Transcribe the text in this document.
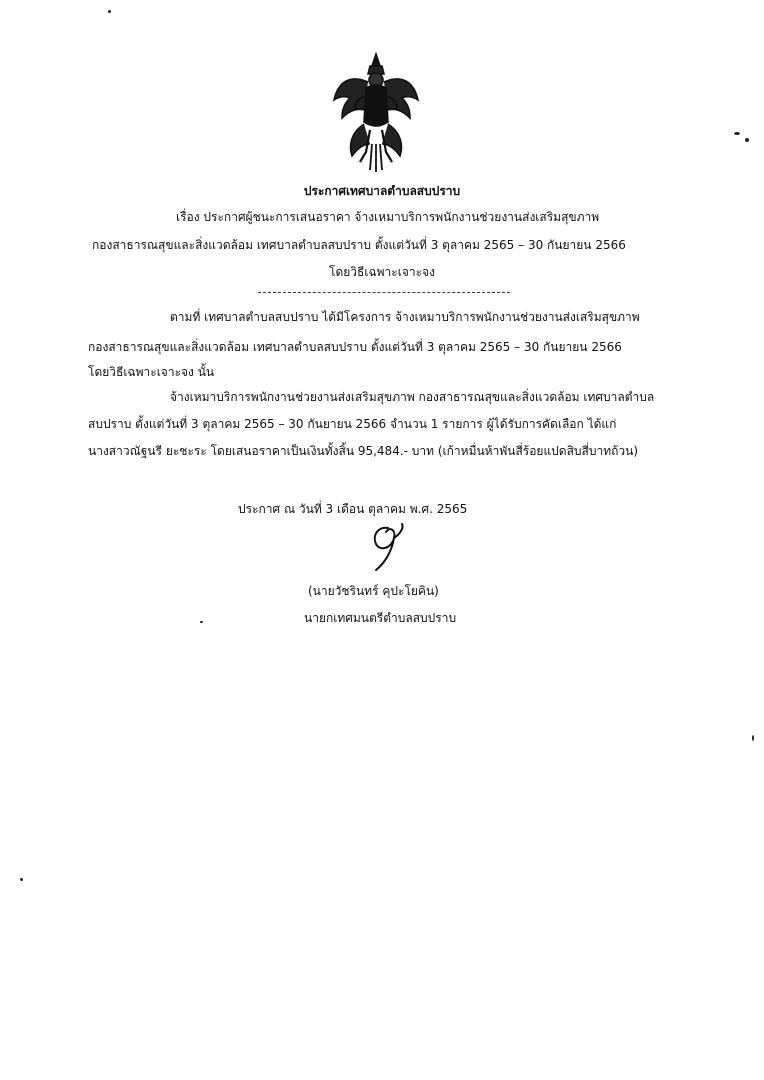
ประกาศเทศบาลตำบลสบปราบ
เรื่อง ประกาศผู้ชนะการเสนอราคา จ้างเหมาบริการพนักงานช่วยงานส่งเสริมสุขภาพ
กองสาธารณสุขและสิ่งแวดล้อม เทศบาลตำบลสบปราบ ตั้งแต่วันที่ 3 ตุลาคม 2565 – 30 กันยายน 2566
โดยวิธีเฉพาะเจาะจง
ตามที่ เทศบาลตำบลสบปราบ ได้มีโครงการ จ้างเหมาบริการพนักงานช่วยงานส่งเสริมสุขภาพ
กองสาธารณสุขและสิ่งแวดล้อม เทศบาลตำบลสบปราบ ตั้งแต่วันที่ 3 ตุลาคม 2565 – 30 กันยายน 2566
โดยวิธีเฉพาะเจาะจง นั้น
จ้างเหมาบริการพนักงานช่วยงานส่งเสริมสุขภาพ กองสาธารณสุขและสิ่งแวดล้อม เทศบาลตำบล
สบปราบ ตั้งแต่วันที่ 3 ตุลาคม 2565 – 30 กันยายน 2566 จำนวน 1 รายการ ผู้ได้รับการคัดเลือก ได้แก่
นางสาวณัฐนรี ยะชะระ โดยเสนอราคาเป็นเงินทั้งสิ้น 95,484.- บาท (เก้าหมื่นห้าพันสี่ร้อยแปดสิบสี่บาทถ้วน)
ประกาศ ณ วันที่ 3 เดือน ตุลาคม พ.ศ. 2565
(นายวัชรินทร์ คุปะโยคิน)
นายกเทศมนตรีตำบลสบปราบ
